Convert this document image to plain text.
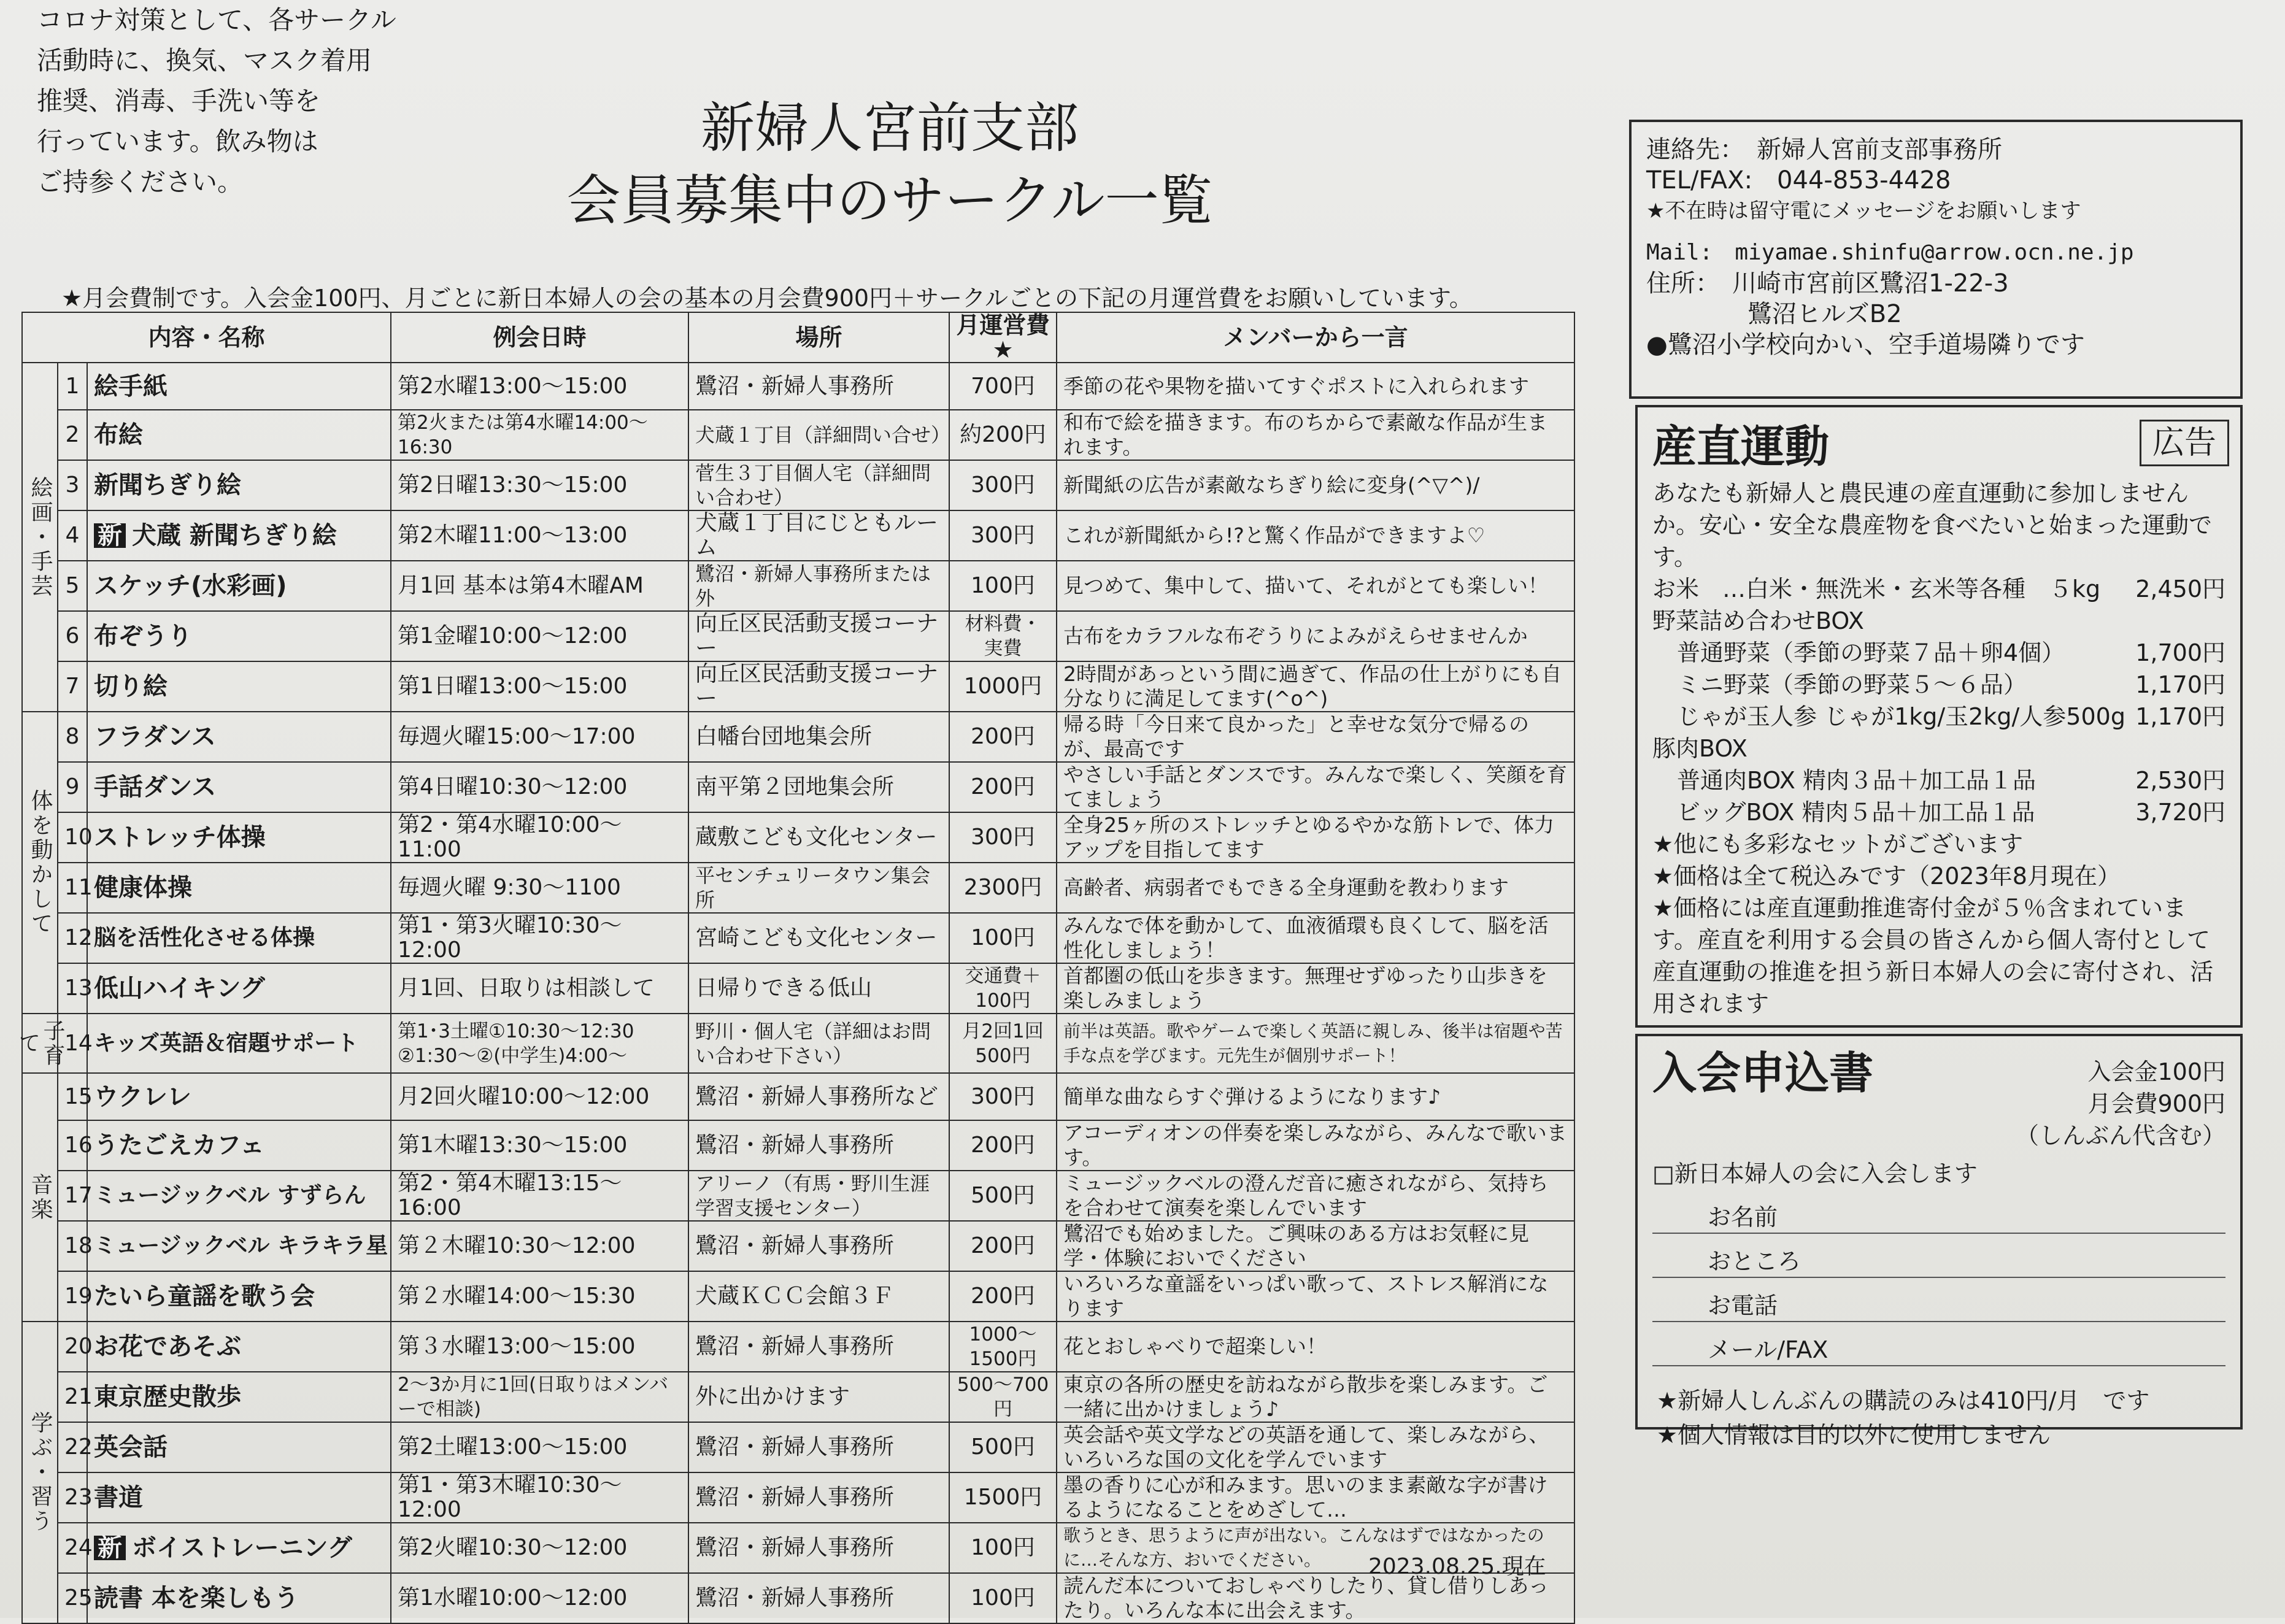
コロナ対策として、各サークル
活動時に、換気、マスク着用
推奨、消毒、手洗い等を
行っています。飲み物は
ご持参ください。
新婦人宮前支部
会員募集中のサークル一覧
★月会費制です。入会金100円、月ごとに新日本婦人の会の基本の月会費900円＋サークルごとの下記の月運営費をお願いしています。
内容・名称			例会日時	場所	月運営費★	メンバーから一言
絵画・手芸	1	絵手紙	第2水曜13:00～15:00	鷺沼・新婦人事務所	700円	季節の花や果物を描いてすぐポストに入れられます
	2	布絵	第2火または第4水曜14:00～16:30	犬蔵１丁目（詳細問い合せ）	約200円	和布で絵を描きます。布のちからで素敵な作品が生まれます。
	3	新聞ちぎり絵	第2日曜13:30～15:00	菅生３丁目個人宅（詳細問い合わせ）	300円	新聞紙の広告が素敵なちぎり絵に変身(^▽^)/
	4	新 犬蔵 新聞ちぎり絵	第2木曜11:00～13:00	犬蔵１丁目にじともルーム	300円	これが新聞紙から!?と驚く作品ができますよ♡
	5	スケッチ(水彩画)	月1回 基本は第4木曜AM	鷺沼・新婦人事務所または外	100円	見つめて、集中して、描いて、それがとても楽しい！
	6	布ぞうり	第1金曜10:00～12:00	向丘区民活動支援コーナー	材料費・実費	古布をカラフルな布ぞうりによみがえらせませんか
	7	切り絵	第1日曜13:00～15:00	向丘区民活動支援コーナー	1000円	2時間があっという間に過ぎて、作品の仕上がりにも自分なりに満足してます(^o^)
体を動かして	8	フラダンス	毎週火曜15:00～17:00	白幡台団地集会所	200円	帰る時「今日来て良かった」と幸せな気分で帰るのが、最高です
	9	手話ダンス	第4日曜10:30～12:00	南平第２団地集会所	200円	やさしい手話とダンスです。みんなで楽しく、笑顔を育てましょう
	10	ストレッチ体操	第2・第4水曜10:00～11:00	蔵敷こども文化センター	300円	全身25ヶ所のストレッチとゆるやかな筋トレで、体力アップを目指してます
	11	健康体操	毎週火曜 9:30～1100	平センチュリータウン集会所	2300円	高齢者、病弱者でもできる全身運動を教わります
	12	脳を活性化させる体操	第1・第3火曜10:30～12:00	宮崎こども文化センター	100円	みんなで体を動かして、血液循環も良くして、脳を活性化しましょう！
	13	低山ハイキング	月1回、日取りは相談して	日帰りできる低山	交通費＋100円	首都圏の低山を歩きます。無理せずゆったり山歩きを楽しみましょう
子育て	14	キッズ英語＆宿題サポート	第1･3土曜①10:30～12:30 ②1:30～②(中学生)4:00～	野川・個人宅（詳細はお問い合わせ下さい）	月2回1回500円	前半は英語。歌やゲームで楽しく英語に親しみ、後半は宿題や苦手な点を学びます。元先生が個別サポート！
音楽	15	ウクレレ	月2回火曜10:00～12:00	鷺沼・新婦人事務所など	300円	簡単な曲ならすぐ弾けるようになります♪
	16	うたごえカフェ	第1木曜13:30～15:00	鷺沼・新婦人事務所	200円	アコーディオンの伴奏を楽しみながら、みんなで歌います。
	17	ミュージックベル すずらん	第2・第4木曜13:15～16:00	アリーノ（有馬・野川生涯学習支援センター）	500円	ミュージックベルの澄んだ音に癒されながら、気持ちを合わせて演奏を楽しんでいます
	18	ミュージックベル キラキラ星	第２木曜10:30～12:00	鷺沼・新婦人事務所	200円	鷺沼でも始めました。ご興味のある方はお気軽に見学・体験においでください
	19	たいら童謡を歌う会	第２水曜14:00～15:30	犬蔵ＫＣＣ会館３Ｆ	200円	いろいろな童謡をいっぱい歌って、ストレス解消になります
学ぶ・習う	20	お花であそぶ	第３水曜13:00～15:00	鷺沼・新婦人事務所	1000～1500円	花とおしゃべりで超楽しい！
	21	東京歴史散歩	2～3か月に1回(日取りはメンバーで相談)	外に出かけます	500～700円	東京の各所の歴史を訪ねながら散歩を楽しみます。ご一緒に出かけましょう♪
	22	英会話	第2土曜13:00～15:00	鷺沼・新婦人事務所	500円	英会話や英文学などの英語を通して、楽しみながら、いろいろな国の文化を学んでいます
	23	書道	第1・第3木曜10:30～12:00	鷺沼・新婦人事務所	1500円	墨の香りに心が和みます。思いのまま素敵な字が書けるようになることをめざして…
	24	新 ボイストレーニング	第2火曜10:30～12:00	鷺沼・新婦人事務所	100円	歌うとき、思うように声が出ない。こんなはずではなかったのに…そんな方、おいでください。
	25	読書 本を楽しもう	第1水曜10:00～12:00	鷺沼・新婦人事務所	100円	読んだ本についておしゃべりしたり、貸し借りしあったり。いろんな本に出会えます。
2023.08.25.現在
連絡先：　新婦人宮前支部事務所
TEL/FAX:　044-853-4428
★不在時は留守電にメッセージをお願いします
Mail:　miyamae.shinfu@arrow.ocn.ne.jp
住所：　川崎市宮前区鷺沼1-22-3
鷺沼ヒルズB2
●鷺沼小学校向かい、空手道場隣りです
産直運動	広告
あなたも新婦人と農民連の産直運動に参加しませんか。安心・安全な農産物を食べたいと始まった運動です。
お米　…白米・無洗米・玄米等各種　５kg 2,450円
野菜詰め合わせBOX
普通野菜（季節の野菜７品＋卵4個）	1,700円
ミニ野菜（季節の野菜５～６品）	1,170円
じゃが玉人参 じゃが1kg/玉2kg/人参500g 1,170円
豚肉BOX
普通肉BOX 精肉３品＋加工品１品	2,530円
ビッグBOX 精肉５品＋加工品１品	3,720円
★他にも多彩なセットがございます
★価格は全て税込みです（2023年8月現在）
★価格には産直運動推進寄付金が５％含まれています。産直を利用する会員の皆さんから個人寄付として産直運動の推進を担う新日本婦人の会に寄付され、活用されます
入会申込書	入会金100円
月会費900円
（しんぶん代含む）
□新日本婦人の会に入会します
お名前
おところ
お電話
メール/FAX
★新婦人しんぶんの購読のみは410円/月　です
★個人情報は目的以外に使用しません
